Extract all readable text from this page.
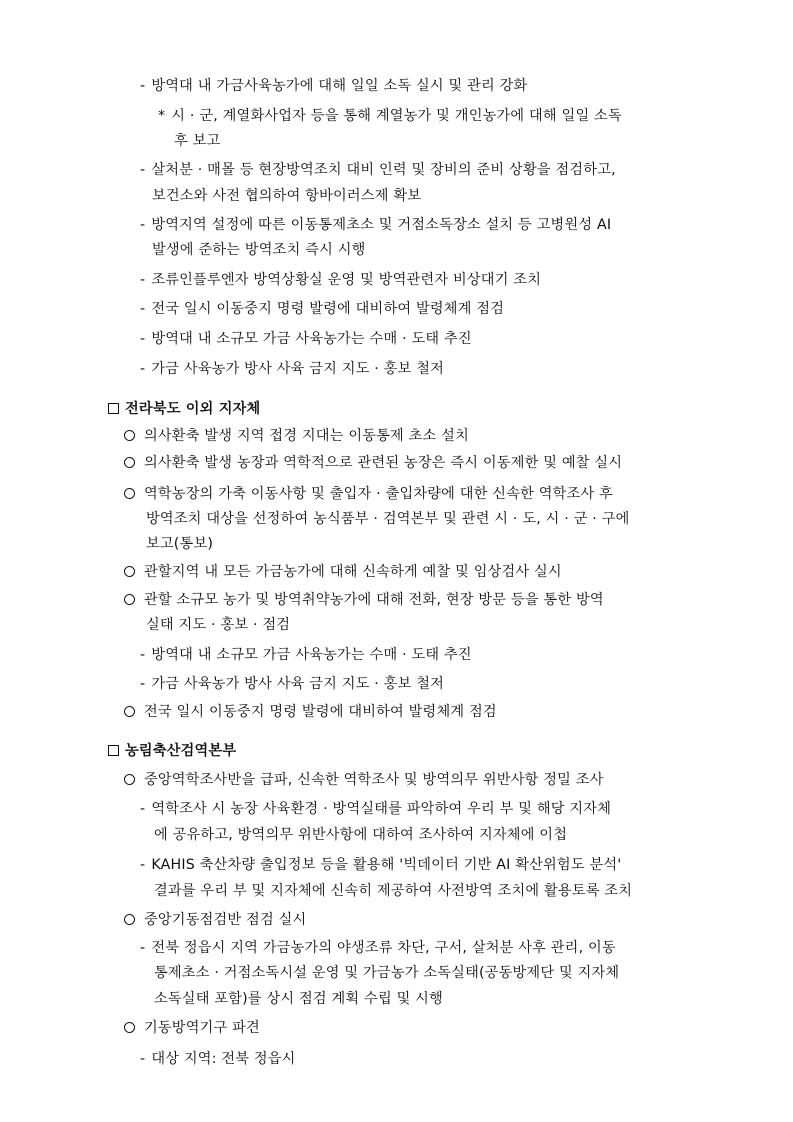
- 방역대 내 가금사육농가에 대해 일일 소독 실시 및 관리 강화
* 시 · 군, 계열화사업자 등을 통해 계열농가 및 개인농가에 대해 일일 소독
후 보고
- 살처분 · 매몰 등 현장방역조치 대비 인력 및 장비의 준비 상황을 점검하고,
보건소와 사전 협의하여 항바이러스제 확보
- 방역지역 설정에 따른 이동통제초소 및 거점소독장소 설치 등 고병원성 AI
발생에 준하는 방역조치 즉시 시행
- 조류인플루엔자 방역상황실 운영 및 방역관련자 비상대기 조치
- 전국 일시 이동중지 명령 발령에 대비하여 발령체계 점검
- 방역대 내 소규모 가금 사육농가는 수매 · 도태 추진
- 가금 사육농가 방사 사육 금지 지도 · 홍보 철저
전라북도 이외 지자체
의사환축 발생 지역 접경 지대는 이동통제 초소 설치
의사환축 발생 농장과 역학적으로 관련된 농장은 즉시 이동제한 및 예찰 실시
역학농장의 가축 이동사항 및 출입자 · 출입차량에 대한 신속한 역학조사 후
방역조치 대상을 선정하여 농식품부 · 검역본부 및 관련 시 · 도, 시 · 군 · 구에
보고(통보)
관할지역 내 모든 가금농가에 대해 신속하게 예찰 및 임상검사 실시
관할 소규모 농가 및 방역취약농가에 대해 전화, 현장 방문 등을 통한 방역
실태 지도 · 홍보 · 점검
- 방역대 내 소규모 가금 사육농가는 수매 · 도태 추진
- 가금 사육농가 방사 사육 금지 지도 · 홍보 철저
전국 일시 이동중지 명령 발령에 대비하여 발령체계 점검
농림축산검역본부
중앙역학조사반을 급파, 신속한 역학조사 및 방역의무 위반사항 정밀 조사
- 역학조사 시 농장 사육환경 · 방역실태를 파악하여 우리 부 및 해당 지자체
에 공유하고, 방역의무 위반사항에 대하여 조사하여 지자체에 이첩
- KAHIS 축산차량 출입정보 등을 활용해 '빅데이터 기반 AI 확산위험도 분석'
결과를 우리 부 및 지자체에 신속히 제공하여 사전방역 조치에 활용토록 조치
중앙기동점검반 점검 실시
- 전북 정읍시 지역 가금농가의 야생조류 차단, 구서, 살처분 사후 관리, 이동
통제초소 · 거점소독시설 운영 및 가금농가 소독실태(공동방제단 및 지자체
소독실태 포함)를 상시 점검 계획 수립 및 시행
기동방역기구 파견
- 대상 지역: 전북 정읍시
